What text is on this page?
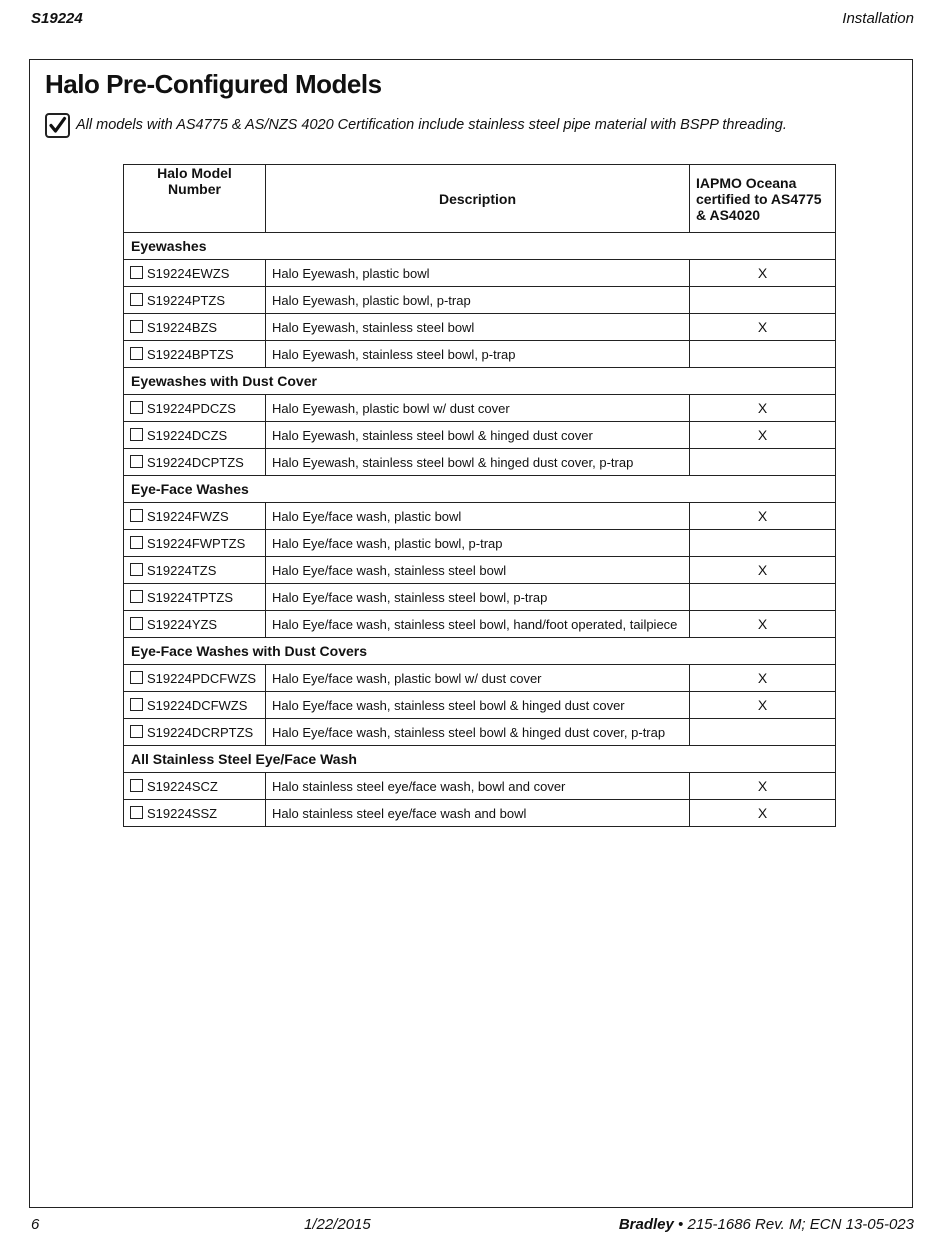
S19224	Installation
Halo Pre-Configured Models
All models with AS4775 & AS/NZS 4020 Certification include stainless steel pipe material with BSPP threading.
Halo Model Number	Description	IAPMO Oceana certified to AS4775 & AS4020
Eyewashes		
S19224EWZS	Halo Eyewash, plastic bowl	X
S19224PTZS	Halo Eyewash, plastic bowl, p-trap	
S19224BZS	Halo Eyewash, stainless steel bowl	X
S19224BPTZS	Halo Eyewash, stainless steel bowl, p-trap	
Eyewashes with Dust Cover		
S19224PDCZS	Halo Eyewash, plastic bowl w/ dust cover	X
S19224DCZS	Halo Eyewash, stainless steel bowl & hinged dust cover	X
S19224DCPTZS	Halo Eyewash, stainless steel bowl & hinged dust cover, p-trap	
Eye-Face Washes		
S19224FWZS	Halo Eye/face wash, plastic bowl	X
S19224FWPTZS	Halo Eye/face wash, plastic bowl, p-trap	
S19224TZS	Halo Eye/face wash, stainless steel bowl	X
S19224TPTZS	Halo Eye/face wash, stainless steel bowl, p-trap	
S19224YZS	Halo Eye/face wash, stainless steel bowl, hand/foot operated, tailpiece	X
Eye-Face Washes with Dust Covers		
S19224PDCFWZS	Halo Eye/face wash, plastic bowl w/ dust cover	X
S19224DCFWZS	Halo Eye/face wash, stainless steel bowl & hinged dust cover	X
S19224DCRPTZS	Halo Eye/face wash, stainless steel bowl & hinged dust cover, p-trap	
All Stainless Steel Eye/Face Wash		
S19224SCZ	Halo stainless steel eye/face wash, bowl and cover	X
S19224SSZ	Halo stainless steel eye/face wash and bowl	X
6	1/22/2015	Bradley • 215-1686 Rev. M; ECN 13-05-023
